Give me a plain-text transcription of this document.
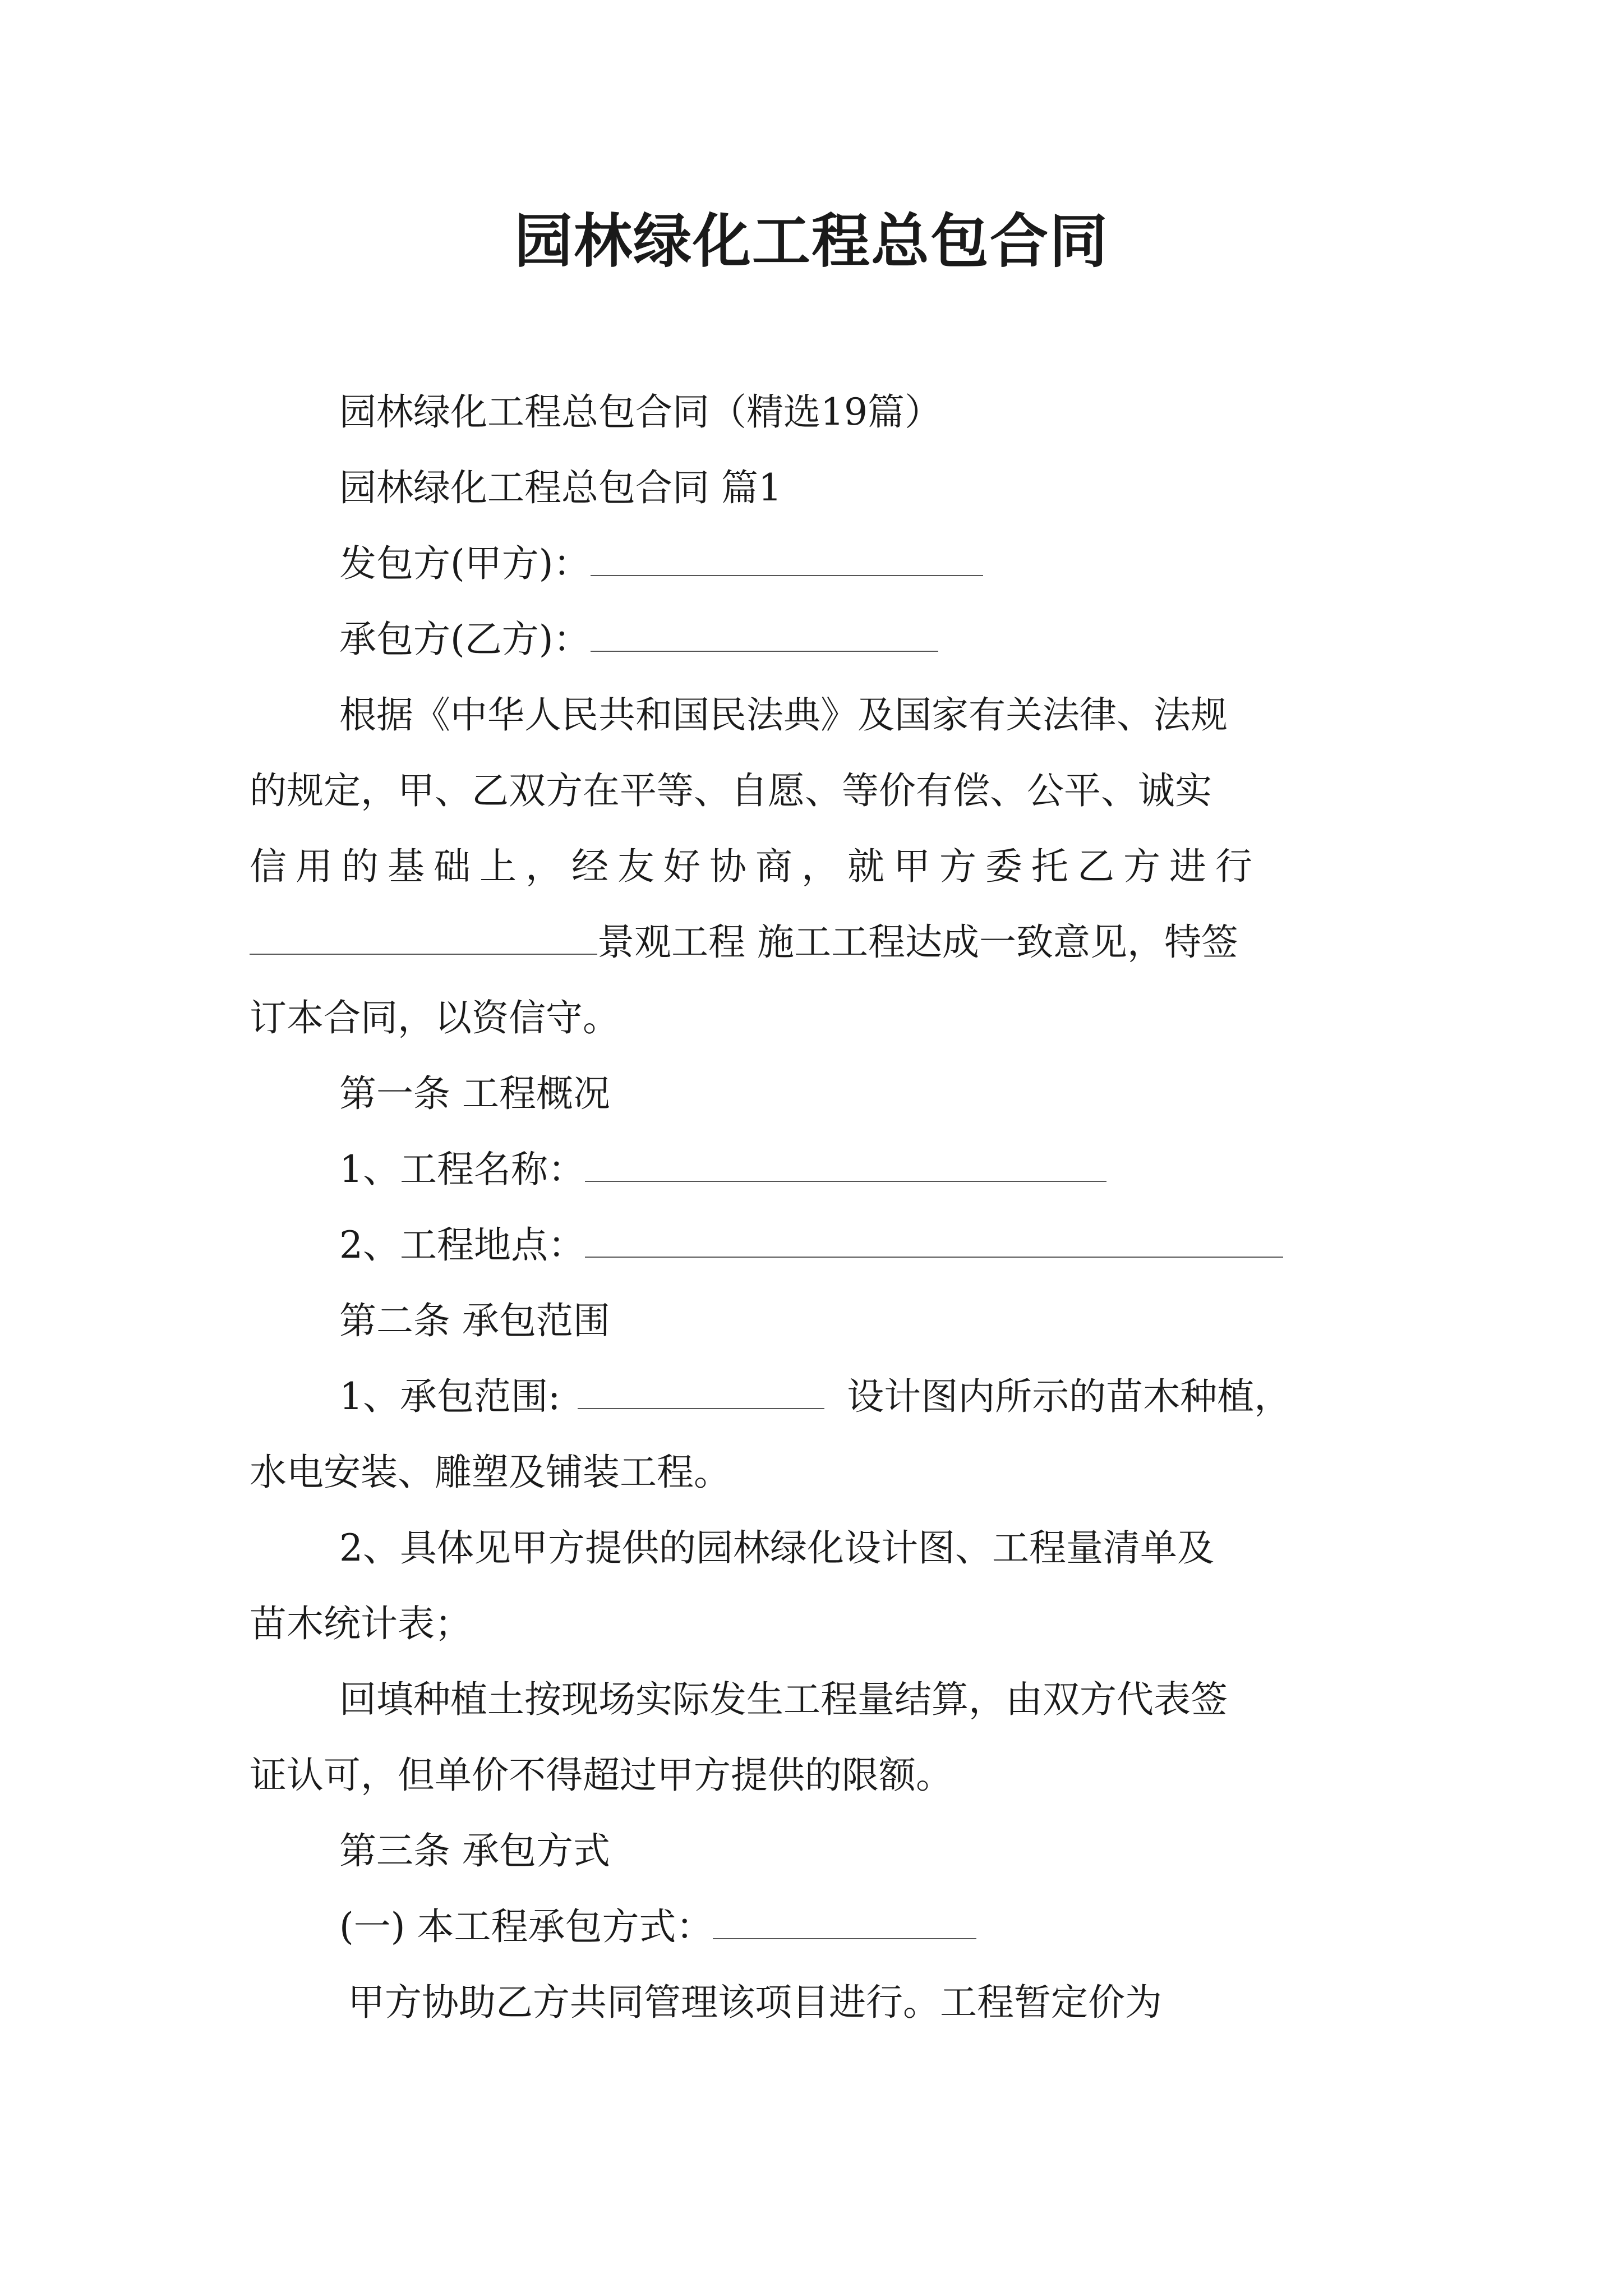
园林绿化工程总包合同
园林绿化工程总包合同（精选19篇）
园林绿化工程总包合同 篇1
发包方(甲方)：
承包方(乙方)：
根据《中华人民共和国民法典》及国家有关法律、法规
的规定，甲、乙双方在平等、自愿、等价有偿、公平、诚实
信用的基础上，经友好协商，就甲方委托乙方进行
景观工程 施工工程达成一致意见，特签
订本合同，以资信守。
第一条 工程概况
1、工程名称：
2、工程地点：
第二条 承包范围
1、承包范围:	设计图内所示的苗木种植，
水电安装、雕塑及铺装工程。
2、具体见甲方提供的园林绿化设计图、工程量清单及
苗木统计表；
回填种植土按现场实际发生工程量结算，由双方代表签
证认可，但单价不得超过甲方提供的限额。
第三条 承包方式
(一) 本工程承包方式：
甲方协助乙方共同管理该项目进行。工程暂定价为
